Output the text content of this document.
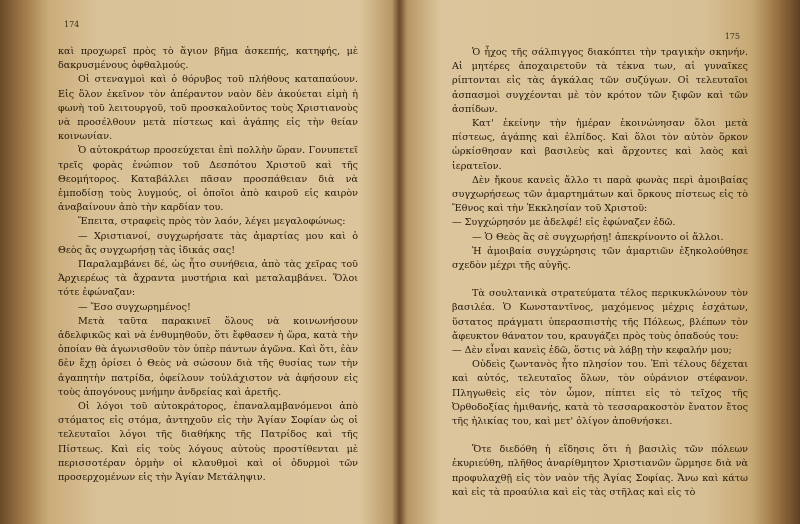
174

καὶ προχωρεῖ πρὸς τὸ ἅγιον βῆμα ἀσκεπής, κατηφής, μὲ δακρυσμένους ὀφθαλμούς.

Οἱ στεναγμοὶ καὶ ὁ θόρυβος τοῦ πλήθους καταπαύουν. Εἰς ὅλον ἐκεῖνον τὸν ἀπέραντον ναὸν δὲν ἀκούεται εἰμὴ ἡ φωνὴ τοῦ λειτουργοῦ, τοῦ προσκαλοῦντος τοὺς Χριστιανοὺς νὰ προσέλθουν μετὰ πίστεως καὶ ἀγάπης εἰς τὴν θείαν κοινωνίαν.

Ὁ αὐτοκράτωρ προσεύχεται ἐπὶ πολλὴν ὥραν. Γονυπετεῖ τρεῖς φορὰς ἐνώπιον τοῦ Δεσπότου Χριστοῦ καὶ τῆς Θεομήτορος. Καταβάλλει πᾶσαν προσπάθειαν διὰ νὰ ἐμποδίσῃ τοὺς λυγμούς, οἱ ὁποῖοι ἀπὸ καιροῦ εἰς καιρὸν ἀναβαίνουν ἀπὸ τὴν καρδίαν του.

Ἔπειτα, στραφεὶς πρὸς τὸν λαόν, λέγει μεγαλοφώνως:

— Χριστιανοί, συγχωρήσατε τὰς ἁμαρτίας μου καὶ ὁ Θεὸς ἂς συγχωρήσῃ τὰς ἰδικάς σας!

Παραλαμβάνει δέ, ὡς ἦτο συνήθεια, ἀπὸ τὰς χεῖρας τοῦ Ἀρχιερέως τὰ ἄχραντα μυστήρια καὶ μεταλαμβάνει. Ὅλοι τότε ἐφώναζαν:

— Ἔσο συγχωρημένος!

Μετὰ ταῦτα παρακινεῖ ὅλους νὰ κοινωνήσουν ἀδελφικῶς καὶ νὰ ἐνθυμηθοῦν, ὅτι ἔφθασεν ἡ ὥρα, κατὰ τὴν ὁποίαν θὰ ἀγωνισθοῦν τὸν ὑπὲρ πάντων ἀγῶνα. Καὶ ὅτι, ἐὰν δὲν ἔχῃ ὁρίσει ὁ Θεὸς νὰ σώσουν διὰ τῆς θυσίας των τὴν ἀγαπητὴν πατρίδα, ὀφείλουν τοὐλάχιστον νὰ ἀφήσουν εἰς τοὺς ἀπογόνους μνήμην ἀνδρείας καὶ ἀρετῆς.

Οἱ λόγοι τοῦ αὐτοκράτορος, ἐπαναλαμβανόμενοι ἀπὸ στόματος εἰς στόμα, ἀντηχοῦν εἰς τὴν Ἁγίαν Σοφίαν ὡς οἱ τελευταῖοι λόγοι τῆς διαθήκης τῆς Πατρίδος καὶ τῆς Πίστεως. Καὶ εἰς τοὺς λόγους αὐτοὺς προστίθενται μὲ περισσοτέραν ὁρμὴν οἱ κλαυθμοὶ καὶ οἱ ὀδυρμοὶ τῶν προσερχομένων εἰς τὴν Ἁγίαν Μετάληψιν.

175

Ὁ ἦχος τῆς σάλπιγγος διακόπτει τὴν τραγικὴν σκηνήν. Αἱ μητέρες ἀποχαιρετοῦν τὰ τέκνα των, αἱ γυναῖκες ρίπτονται εἰς τὰς ἀγκάλας τῶν συζύγων. Οἱ τελευταῖοι ἀσπασμοὶ συγχέονται μὲ τὸν κρότον τῶν ξιφῶν καὶ τῶν ἀσπίδων.

Κατ' ἐκείνην τὴν ἡμέραν ἐκοινώνησαν ὅλοι μετὰ πίστεως, ἀγάπης καὶ ἐλπίδος. Καὶ ὅλοι τὸν αὐτὸν ὅρκον ὡρκίσθησαν καὶ βασιλεὺς καὶ ἄρχοντες καὶ λαὸς καὶ ἱερατεῖον.

Δὲν ἤκουε κανεὶς ἄλλο τι παρὰ φωνὰς περὶ ἀμοιβαίας συγχωρήσεως τῶν ἁμαρτημάτων καὶ ὅρκους πίστεως εἰς τὸ Ἔθνος καὶ τὴν Ἐκκλησίαν τοῦ Χριστοῦ:

— Συγχώρησόν με ἀδελφέ! εἰς ἐφώναζεν ἐδῶ.

— Ὁ Θεὸς ἂς σὲ συγχωρήσῃ! ἀπεκρίνοντο οἱ ἄλλοι.

Ἡ ἀμοιβαία συγχώρησις τῶν ἁμαρτιῶν ἐξηκολούθησε σχεδὸν μέχρι τῆς αὐγῆς.

Τὰ σουλτανικὰ στρατεύματα τέλος περικυκλώνουν τὸν βασιλέα. Ὁ Κωνσταντῖνος, μαχόμενος μέχρις ἐσχάτων, ὕστατος πράγματι ὑπερασπιστὴς τῆς Πόλεως, βλέπων τὸν ἄφευκτον θάνατον του, κραυγάζει πρὸς τοὺς ὀπαδούς του:

— Δὲν εἶναι κανεὶς ἐδῶ, ὅστις νὰ λάβῃ τὴν κεφαλήν μου;

Οὐδεὶς ζωντανὸς ἦτο πλησίον του. Ἐπὶ τέλους δέχεται καὶ αὐτός, τελευταῖος ὅλων, τὸν οὐράνιον στέφανον. Πληγωθεὶς εἰς τὸν ὦμον, πίπτει εἰς τὸ τεῖχος τῆς Ὀρθοδοξίας ἡμιθανής, κατὰ τὸ τεσσαρακοστὸν ἔνατον ἔτος τῆς ἡλικίας του, καὶ μετ' ὀλίγον ἀποθνήσκει.

Ὅτε διεδόθη ἡ εἴδησις ὅτι ἡ βασιλὶς τῶν πόλεων ἐκυριεύθη, πλῆθος ἀναρίθμητον Χριστιανῶν ὥρμησε διὰ νὰ προφυλαχθῇ εἰς τὸν ναὸν τῆς Ἁγίας Σοφίας. Ἄνω καὶ κάτω καὶ εἰς τὰ προαύλια καὶ εἰς τὰς στῆλας καὶ εἰς τὸ
